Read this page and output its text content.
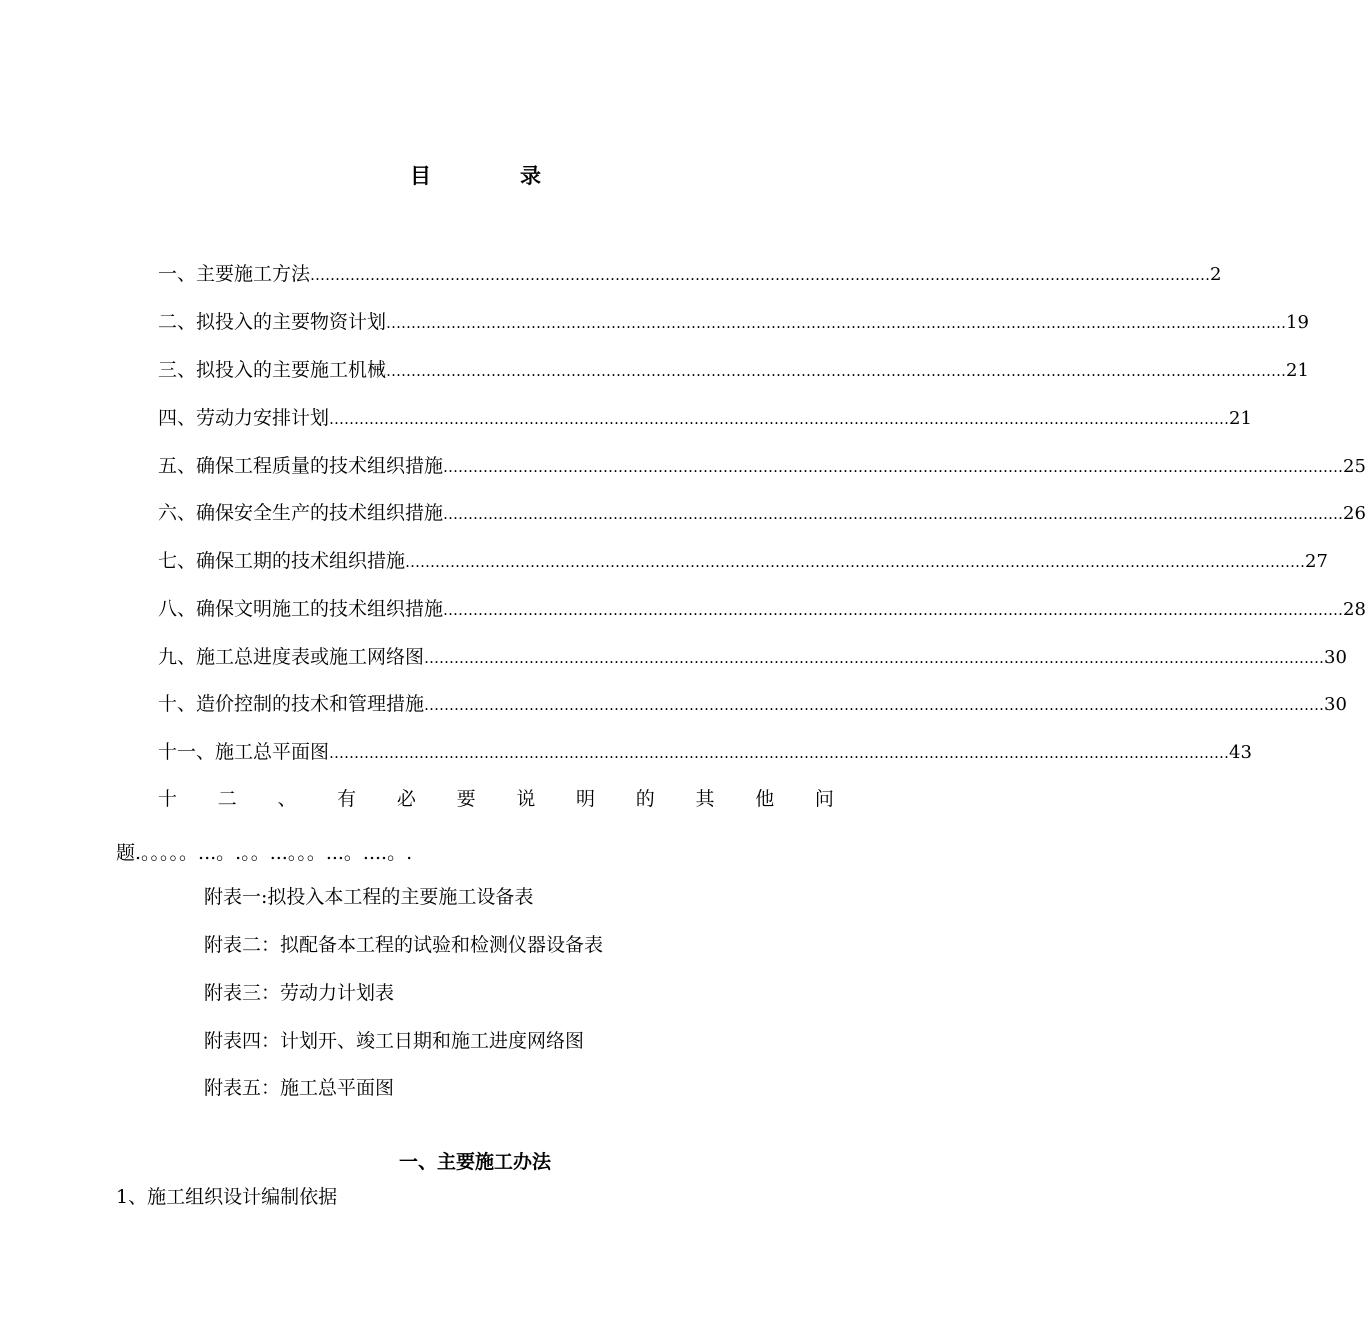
目	录
一、主要施工方法 ……………………………………………………………………………………………………………………………………………………………… 2
二、拟投入的主要物资计划 ……………………………………………………………………………………………………………………………………………………………… 19
三、拟投入的主要施工机械 ……………………………………………………………………………………………………………………………………………………………… 21
四、劳动力安排计划 ……………………………………………………………………………………………………………………………………………………………… 21
五、确保工程质量的技术组织措施 ……………………………………………………………………………………………………………………………………………………………… 25
六、确保安全生产的技术组织措施 ……………………………………………………………………………………………………………………………………………………………… 26
七、确保工期的技术组织措施 ……………………………………………………………………………………………………………………………………………………………… 27
八、确保文明施工的技术组织措施 ……………………………………………………………………………………………………………………………………………………………… 28
九、施工总进度表或施工网络图 ……………………………………………………………………………………………………………………………………………………………… 30
十、造价控制的技术和管理措施 ……………………………………………………………………………………………………………………………………………………………… 30
十一、施工总平面图 ……………………………………………………………………………………………………………………………………………………………… 43
十 二 、 有 必 要 说 明 的 其 他 问
题.。。。。。...。.。。...。。。...。....。.
附表一:拟投入本工程的主要施工设备表
附表二：拟配备本工程的试验和检测仪器设备表
附表三：劳动力计划表
附表四：计划开、竣工日期和施工进度网络图
附表五：施工总平面图
一、主要施工办法
1、施工组织设计编制依据
